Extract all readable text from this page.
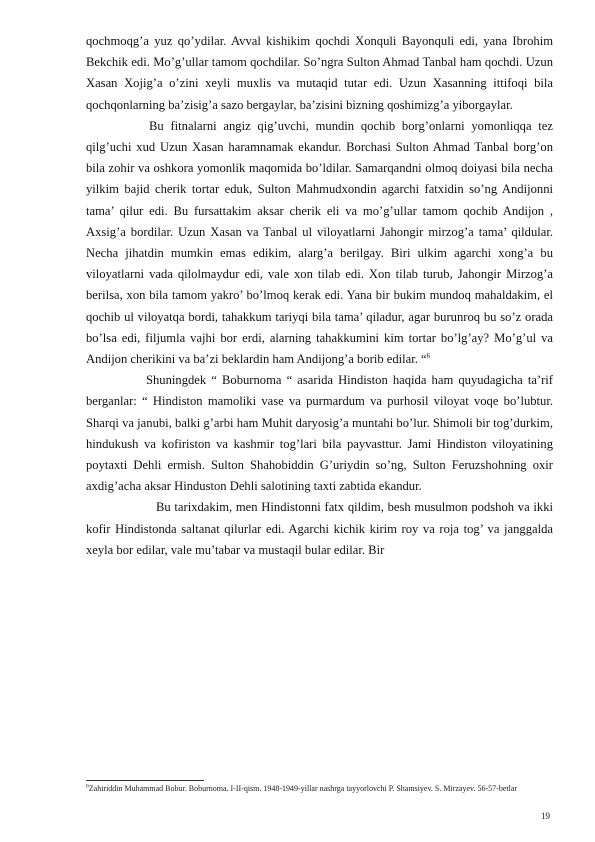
qochmoqg’a yuz qo’ydilar. Avval kishikim qochdi Xonquli Bayonquli edi, yana Ibrohim Bekchik edi. Mo’g’ullar tamom qochdilar. So’ngra Sulton Ahmad Tanbal ham qochdi. Uzun Xasan Xojig’a o’zini xeyli muxlis va mutaqid tutar edi. Uzun Xasanning ittifoqi bila qochqonlarning ba’zisig’a sazo bergaylar, ba’zisini bizning qoshimizg’a yiborgaylar.

Bu fitnalarni angiz qig’uvchi, mundin qochib borg’onlarni yomonliqqa tez qilg’uchi xud Uzun Xasan haramnamak ekandur. Borchasi Sulton Ahmad Tanbal borg’on bila zohir va oshkora yomonlik maqomida bo’ldilar. Samarqandni olmoq doiyasi bila necha yilkim bajid cherik tortar eduk, Sulton Mahmudxondin agarchi fatxidin so’ng Andijonni tama’ qilur edi. Bu fursattakim aksar cherik eli va mo’g’ullar tamom qochib Andijon , Axsig’a bordilar. Uzun Xasan va Tanbal ul viloyatlarni Jahongir mirzog’a tama’ qildular. Necha jihatdin mumkin emas edikim, alarg’a berilgay. Biri ulkim agarchi xong’a bu viloyatlarni vada qilolmaydur edi, vale xon tilab edi. Xon tilab turub, Jahongir Mirzog’a berilsa, xon bila tamom yakro’ bo’lmoq kerak edi. Yana bir bukim mundoq mahaldakim, el qochib ul viloyatqa bordi, tahakkum tariyqi bila tama’ qiladur, agar burunroq bu so’z orada bo’lsa edi, filjumla vajhi bor erdi, alarning tahakkumini kim tortar bo’lg’ay? Mo’g’ul va Andijon cherikini va ba’zi beklardin ham Andijong’a borib edilar. “$^6$

Shuningdek “ Boburnoma “ asarida Hindiston haqida ham quyudagicha ta’rif berganlar: “ Hindiston mamoliki vase va purmardum va purhosil viloyat voqe bo’lubtur. Sharqi va janubi, balki g’arbi ham Muhit daryosig’a muntahi bo’lur. Shimoli bir tog’durkim, hindukush va kofiriston va kashmir tog’lari bila payvasttur. Jami Hindiston viloyatining poytaxti Dehli ermish. Sulton Shahobiddin G’uriydin so’ng, Sulton Feruzshohning oxir axdig’acha aksar Hinduston Dehli salotining taxti zabtida ekandur.

Bu tarixdakim, men Hindistonni fatx qildim, besh musulmon podshoh va ikki kofir Hindistonda saltanat qilurlar edi. Agarchi kichik kirim roy va roja tog’ va janggalda xeyla bor edilar, vale mu’tabar va mustaqil bular edilar. Bir

$^6$Zahiriddin Muhammad Bobur. Boburnoma. I-II-qism. 1948-1949-yillar nashrga tayyorlovchi P. Shamsiyev. S. Mirzayev. 56-57-betlar
19
